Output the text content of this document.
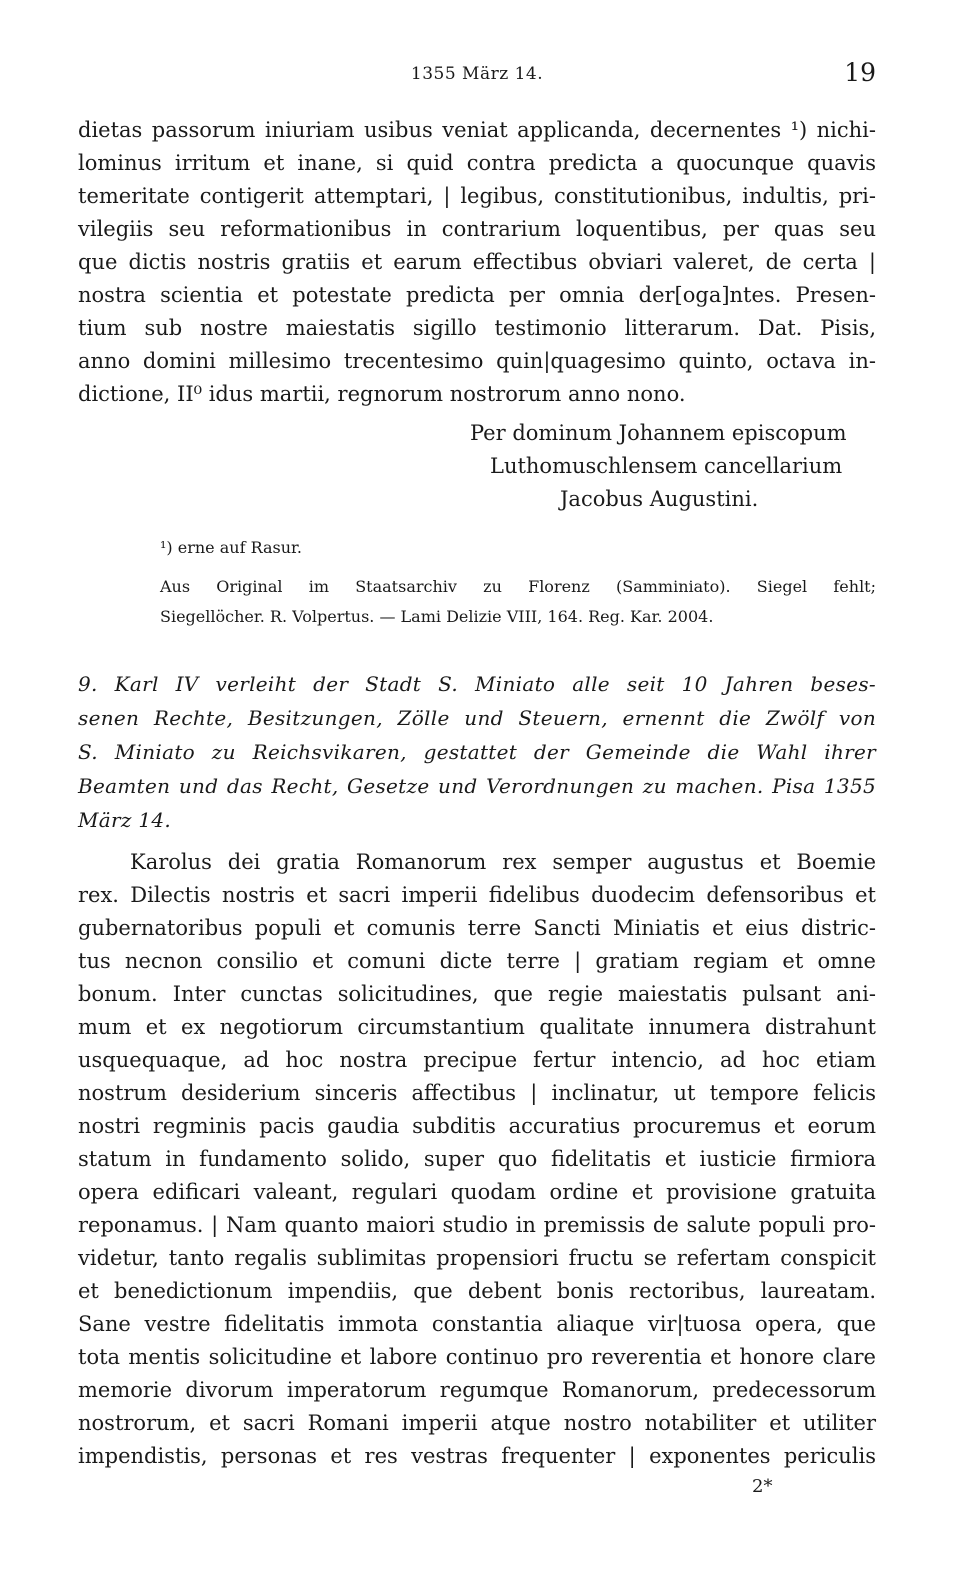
1355 März 14.	19
dietas passorum iniuriam usibus veniat applicanda, decernentes ¹) nichi-
lominus irritum et inane, si quid contra predicta a quocunque quavis
temeritate contigerit attemptari, | legibus, constitutionibus, indultis, pri-
vilegiis seu reformationibus in contrarium loquentibus, per quas seu
que dictis nostris gratiis et earum effectibus obviari valeret, de certa |
nostra scientia et potestate predicta per omnia der[oga]ntes. Presen-
tium sub nostre maiestatis sigillo testimonio litterarum. Dat. Pisis,
anno domini millesimo trecentesimo quin|quagesimo quinto, octava in-
dictione, II⁰ idus martii, regnorum nostrorum anno nono.
Per dominum Johannem episcopum
Luthomuschlensem cancellarium
Jacobus Augustini.
¹) erne auf Rasur.
Aus Original im Staatsarchiv zu Florenz (Samminiato). Siegel fehlt;
Siegellöcher. R. Volpertus. — Lami Delizie VIII, 164. Reg. Kar. 2004.
9. Karl IV verleiht der Stadt S. Miniato alle seit 10 Jahren beses-
senen Rechte, Besitzungen, Zölle und Steuern, ernennt die Zwölf von
S. Miniato zu Reichsvikaren, gestattet der Gemeinde die Wahl ihrer
Beamten und das Recht, Gesetze und Verordnungen zu machen. Pisa 1355
März 14.
Karolus dei gratia Romanorum rex semper augustus et Boemie
rex. Dilectis nostris et sacri imperii fidelibus duodecim defensoribus et
gubernatoribus populi et comunis terre Sancti Miniatis et eius distric-
tus necnon consilio et comuni dicte terre | gratiam regiam et omne
bonum. Inter cunctas solicitudines, que regie maiestatis pulsant ani-
mum et ex negotiorum circumstantium qualitate innumera distrahunt
usquequaque, ad hoc nostra precipue fertur intencio, ad hoc etiam
nostrum desiderium sinceris affectibus | inclinatur, ut tempore felicis
nostri regminis pacis gaudia subditis accuratius procuremus et eorum
statum in fundamento solido, super quo fidelitatis et iusticie firmiora
opera edificari valeant, regulari quodam ordine et provisione gratuita
reponamus. | Nam quanto maiori studio in premissis de salute populi pro-
videtur, tanto regalis sublimitas propensiori fructu se refertam conspicit
et benedictionum impendiis, que debent bonis rectoribus, laureatam.
Sane vestre fidelitatis immota constantia aliaque vir|tuosa opera, que
tota mentis solicitudine et labore continuo pro reverentia et honore clare
memorie divorum imperatorum regumque Romanorum, predecessorum
nostrorum, et sacri Romani imperii atque nostro notabiliter et utiliter
impendistis, personas et res vestras frequenter | exponentes periculis
2*
